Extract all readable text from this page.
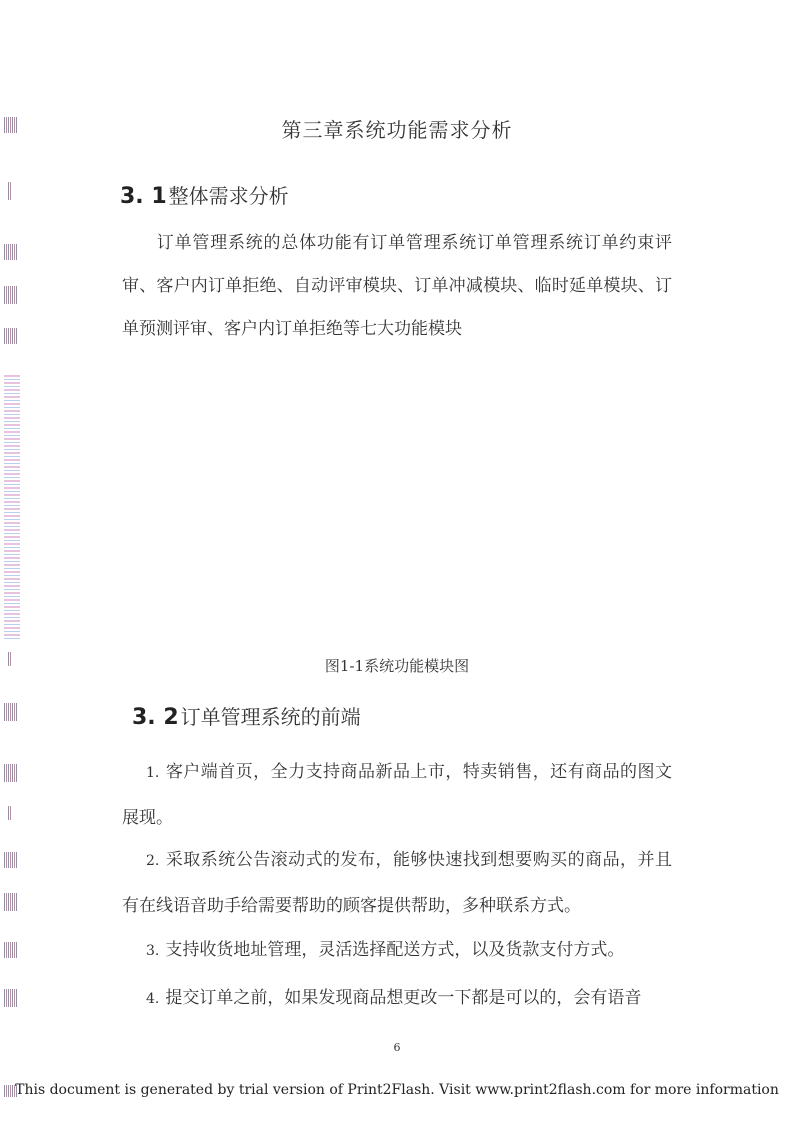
第三章系统功能需求分析
3. 1 整体需求分析
订单管理系统的总体功能有订单管理系统订单管理系统订单约束评审、客户内订单拒绝、自动评审模块、订单冲减模块、临时延单模块、订单预测评审、客户内订单拒绝等七大功能模块
图1-1系统功能模块图
3. 2 订单管理系统的前端
1. 客户端首页，全力支持商品新品上市，特卖销售，还有商品的图文展现。
2. 采取系统公告滚动式的发布，能够快速找到想要购买的商品，并且有在线语音助手给需要帮助的顾客提供帮助，多种联系方式。
3. 支持收货地址管理，灵活选择配送方式，以及货款支付方式。
4. 提交订单之前，如果发现商品想更改一下都是可以的，会有语音
6
This document is generated by trial version of Print2Flash. Visit www.print2flash.com for more information
